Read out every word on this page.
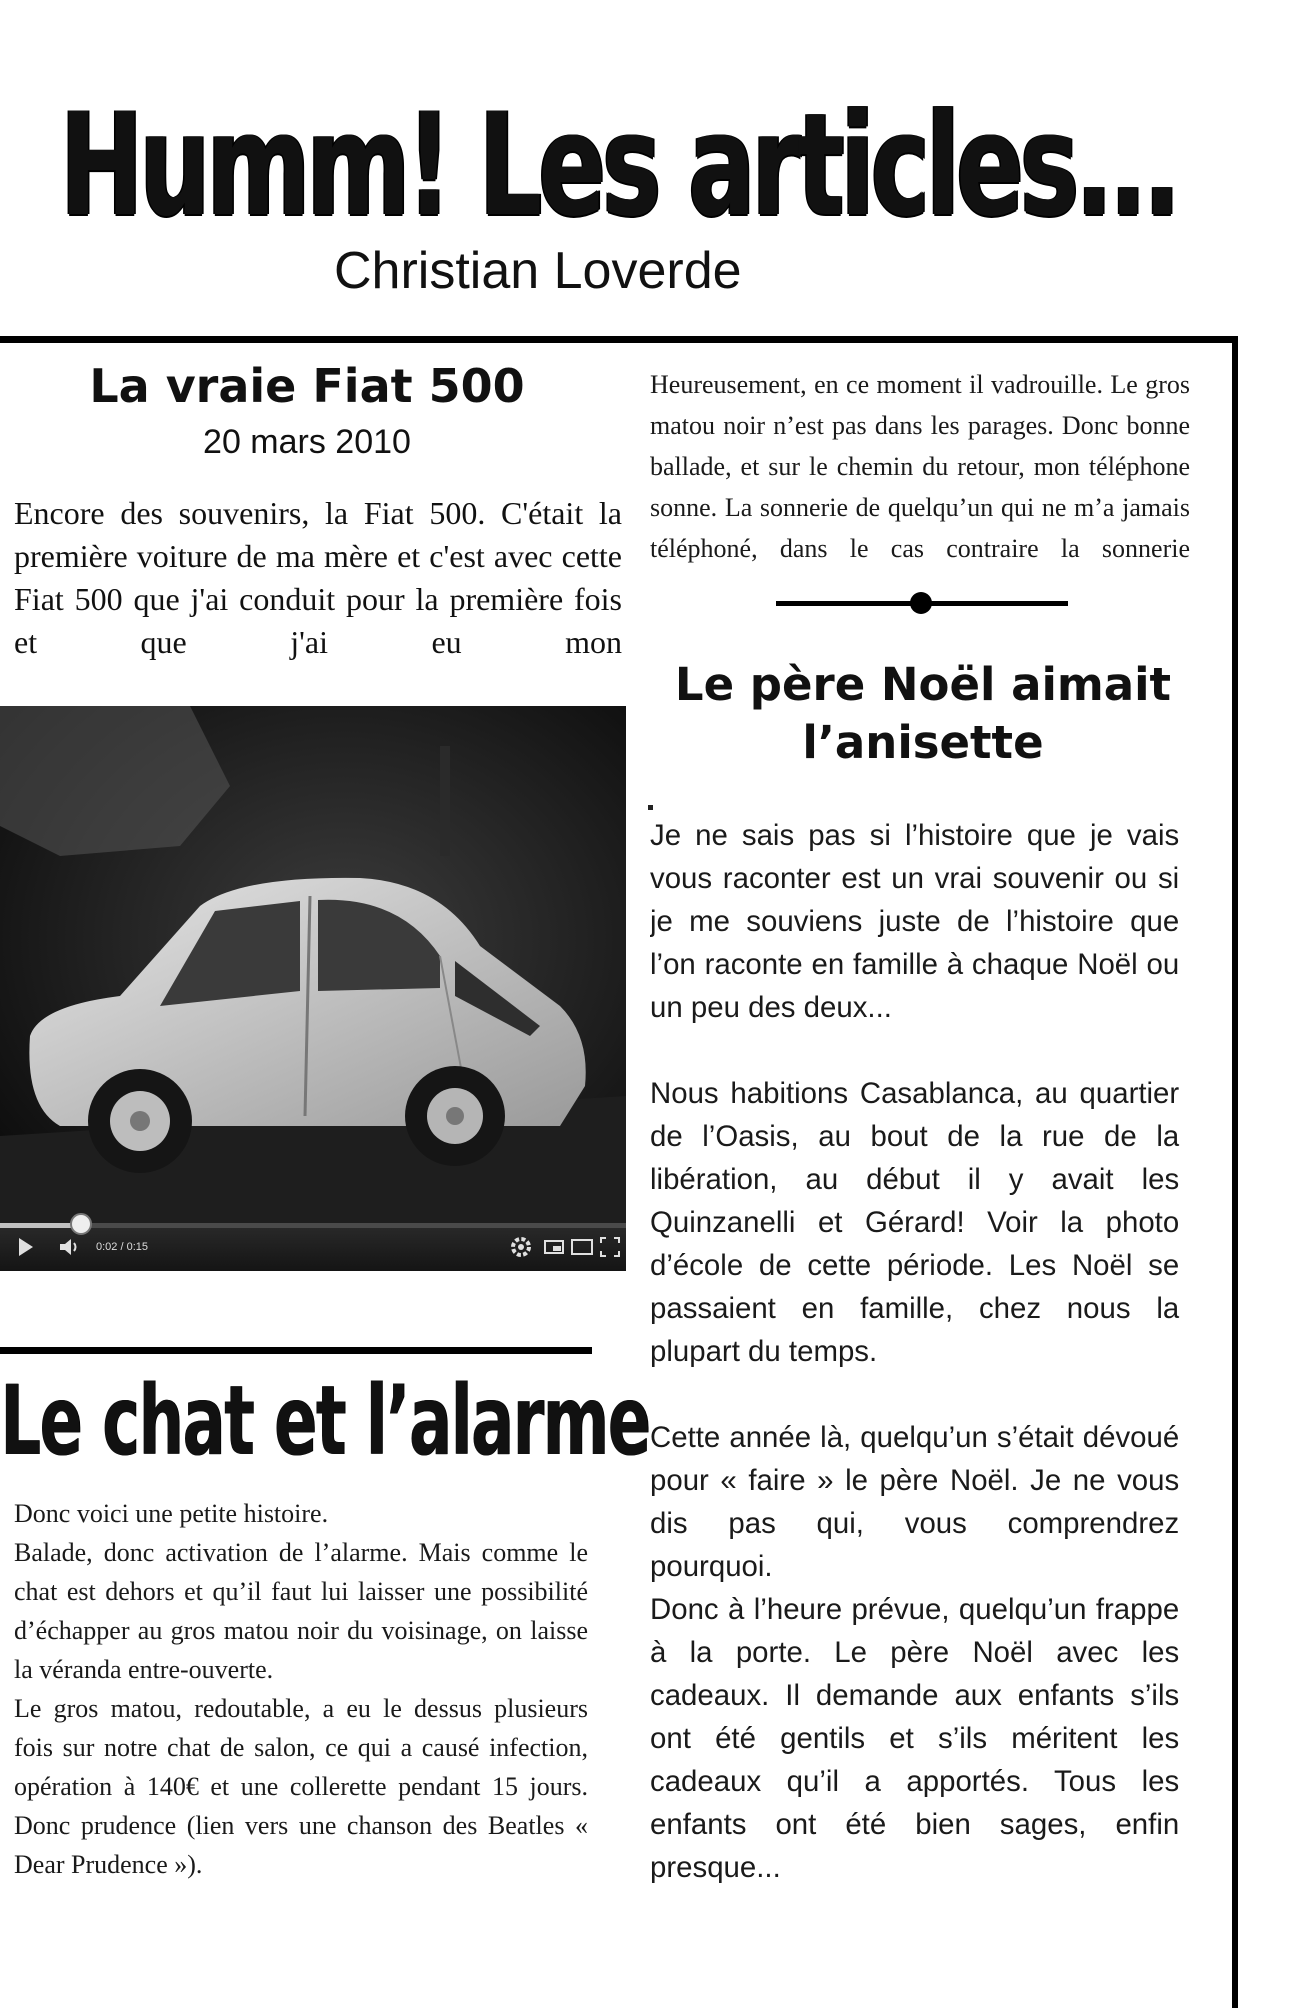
Humm! Les articles...
Christian Loverde
La vraie Fiat 500
20 mars 2010

Encore des souvenirs, la Fiat 500. C'était la première voiture de ma mère et c'est avec cette Fiat 500 que j'ai conduit pour la première fois et que j'ai eu mon

0:02 / 0:15
Le chat et l’alarme

Donc voici une petite histoire.

Balade, donc activation de l’alarme. Mais comme le chat est dehors et qu’il faut lui laisser une possibilité d’échapper au gros matou noir du voisinage, on laisse la véranda entre-ouverte.

Le gros matou, redoutable, a eu le dessus plusieurs fois sur notre chat de salon, ce qui a causé infection, opération à 140€ et une collerette pendant 15 jours. Donc prudence (lien vers une chanson des Beatles « Dear Prudence »).

Heureusement, en ce moment il vadrouille. Le gros matou noir n’est pas dans les parages. Donc bonne ballade, et sur le chemin du retour, mon téléphone sonne. La sonnerie de quelqu’un qui ne m’a jamais téléphoné, dans le cas contraire la sonnerie

Le père Noël aimait l’anisette

Je ne sais pas si l’histoire que je vais vous raconter est un vrai souvenir ou si je me souviens juste de l’histoire que l’on raconte en famille à chaque Noël ou un peu des deux...

Nous habitions Casablanca, au quartier de l’Oasis, au bout de la rue de la libération, au début il y avait les Quinzanelli et Gérard! Voir la photo d’école de cette période. Les Noël se passaient en famille, chez nous la plupart du temps.

Cette année là, quelqu’un s’était dévoué pour « faire » le père Noël. Je ne vous dis pas qui, vous comprendrez pourquoi.

Donc à l’heure prévue, quelqu’un frappe à la porte. Le père Noël avec les cadeaux. Il demande aux enfants s’ils ont été gentils et s’ils méritent les cadeaux qu’il a apportés. Tous les enfants ont été bien sages, enfin presque...
